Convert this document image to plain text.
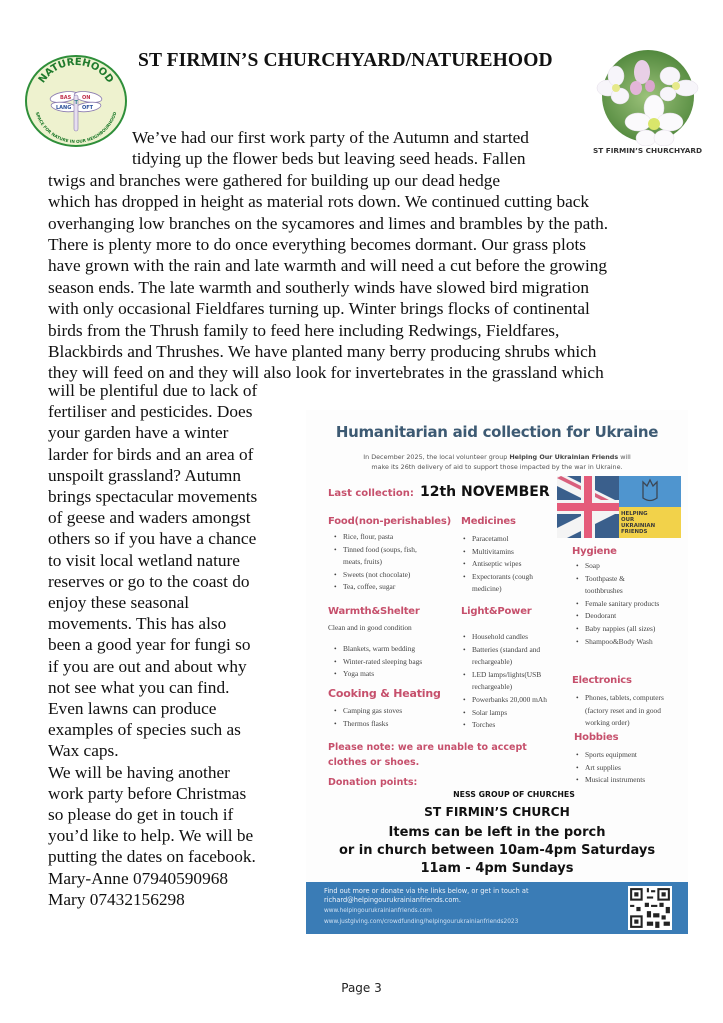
ST FIRMIN’S CHURCHYARD/NATUREHOOD
NATUREHOOD
SPACE FOR NATURE IN OUR NEIGHBOURHOOD
BAS ON
LANG OFT
T
ST FIRMIN’S CHURCHYARD
We’ve had our first work party of the Autumn and started
tidying up the flower beds but leaving seed heads. Fallen
twigs and branches were gathered for building up our dead hedge
which has dropped in height as material rots down. We continued cutting back
overhanging low branches on the sycamores and limes and brambles by the path.
There is plenty more to do once everything becomes dormant. Our grass plots
have grown with the rain and late warmth and will need a cut before the growing
season ends. The late warmth and southerly winds have slowed bird migration
with only occasional Fieldfares turning up. Winter brings flocks of continental
birds from the Thrush family to feed here including Redwings, Fieldfares,
Blackbirds and Thrushes. We have planted many berry producing shrubs which
they will feed on and they will also look for invertebrates in the grassland which
will be plentiful due to lack of
fertiliser and pesticides. Does
your garden have a winter
larder for birds and an area of
unspoilt grassland? Autumn
brings spectacular movements
of geese and waders amongst
others so if you have a chance
to visit local wetland nature
reserves or go to the coast do
enjoy these seasonal
movements. This has also
been a good year for fungi so
if you are out and about why
not see what you can find.
Even lawns can produce
examples of species such as
Wax caps.
We will be having another
work party before Christmas
so please do get in touch if
you’d like to help. We will be
putting the dates on facebook.
Mary-Anne 07940590968
Mary 07432156298
Humanitarian aid collection for Ukraine
In December 2025, the local volunteer group Helping Our Ukrainian Friends will
make its 26th delivery of aid to support those impacted by the war in Ukraine.
Last collection: 12th NOVEMBER
HELPING
OUR
UKRAINIAN
FRIENDS
Food(non-perishables)
• Rice, flour, pasta
• Tinned food (soups, fish,
meats, fruits)
• Sweets (not chocolate)
• Tea, coffee, sugar
Medicines
• Paracetamol
• Multivitamins
• Antiseptic wipes
• Expectorants (cough
medicine)
Hygiene
• Soap
• Toothpaste &
toothbrushes
• Female sanitary products
• Deodorant
• Baby nappies (all sizes)
• Shampoo&Body Wash
Warmth&Shelter
Clean and in good condition
• Blankets, warm bedding
• Winter-rated sleeping bags
• Yoga mats
Light&Power
• Household candles
• Batteries (standard and
rechargeable)
• LED lamps/lights(USB
rechargeable)
• Powerbanks 20,000 mAh
• Solar lamps
• Torches
Cooking & Heating
• Camping gas stoves
• Thermos flasks
Electronics
• Phones, tablets, computers
(factory reset and in good
working order)
Hobbies
• Sports equipment
• Art supplies
• Musical instruments
Please note: we are unable to accept
clothes or shoes.
Donation points:
NESS GROUP OF CHURCHES
ST FIRMIN’S CHURCH
Items can be left in the porch
or in church between 10am-4pm Saturdays
11am - 4pm Sundays
Find out more or donate via the links below, or get in touch at
richard@helpingourukrainianfriends.com.
www.helpingourukrainianfriends.com
www.justgiving.com/crowdfunding/helpingourukrainianfriends2023
Page 3
